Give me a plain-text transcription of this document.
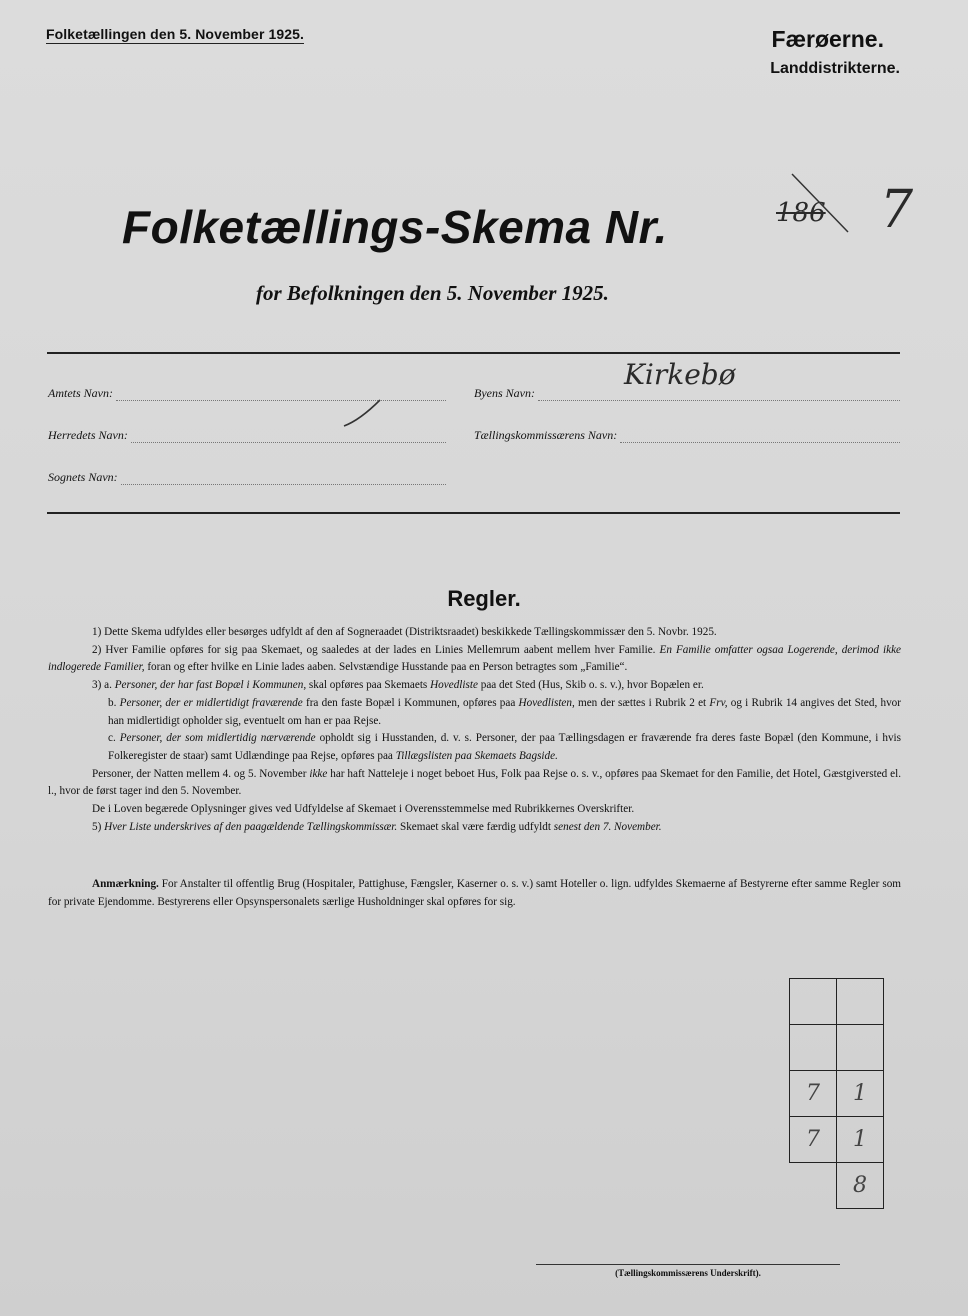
Folketællingen den 5. November 1925.	Færøerne.
Landdistrikterne.
Folketællings-Skema Nr.	186 7
for Befolkningen den 5. November 1925.
Amtets Navn:
Herredets Navn:
Sognets Navn:
Byens Navn:
Kirkebø
Tællingskommissærens Navn:
Regler.

1) Dette Skema udfyldes eller besørges udfyldt af den af Sogneraadet (Distriktsraadet) beskikkede Tællingskommissær den 5. Novbr. 1925.

2) Hver Familie opføres for sig paa Skemaet, og saaledes at der lades en Linies Mellemrum aabent mellem hver Familie. En Familie omfatter ogsaa Logerende, derimod ikke indlogerede Familier, foran og efter hvilke en Linie lades aaben. Selvstændige Husstande paa en Person betragtes som „Familie“.

3) a. Personer, der har fast Bopæl i Kommunen, skal opføres paa Skemaets Hovedliste paa det Sted (Hus, Skib o. s. v.), hvor Bopælen er.

b. Personer, der er midlertidigt fraværende fra den faste Bopæl i Kommunen, opføres paa Hovedlisten, men der sættes i Rubrik 2 et Frv, og i Rubrik 14 angives det Sted, hvor han midlertidigt opholder sig, eventuelt om han er paa Rejse.

c. Personer, der som midlertidig nærværende opholdt sig i Husstanden, d. v. s. Personer, der paa Tællingsdagen er fraværende fra deres faste Bopæl (den Kommune, i hvis Folkeregister de staar) samt Udlændinge paa Rejse, opføres paa Tillægslisten paa Skemaets Bagside.

Personer, der Natten mellem 4. og 5. November ikke har haft Natteleje i noget beboet Hus, Folk paa Rejse o. s. v., opføres paa Skemaet for den Familie, det Hotel, Gæstgiversted el. l., hvor de først tager ind den 5. November.

De i Loven begærede Oplysninger gives ved Udfyldelse af Skemaet i Overensstemmelse med Rubrikkernes Overskrifter.

5) Hver Liste underskrives af den paagældende Tællingskommissær. Skemaet skal være færdig udfyldt senest den 7. November.

Anmærkning. For Anstalter til offentlig Brug (Hospitaler, Pattighuse, Fængsler, Kaserner o. s. v.) samt Hoteller o. lign. udfyldes Skemaerne af Bestyrerne efter samme Regler som for private Ejendomme. Bestyrerens eller Opsynspersonalets særlige Husholdninger skal opføres for sig.

7	1
7	1
	8
(Tællingskommissærens Underskrift).
